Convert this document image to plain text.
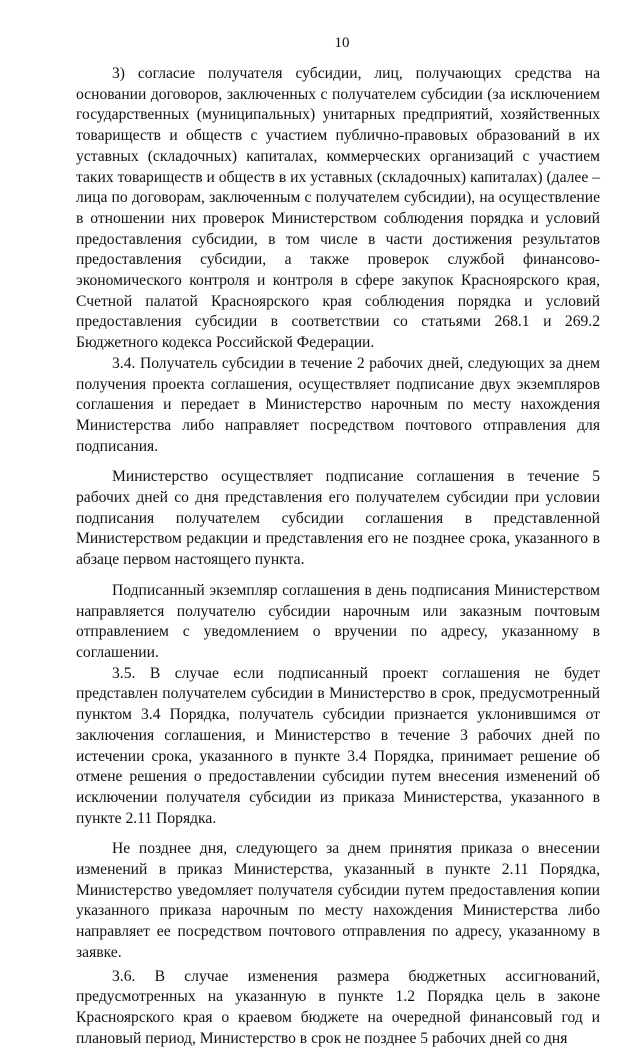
10

3) согласие получателя субсидии, лиц, получающих средства на основании договоров, заключенных с получателем субсидии (за исключением государственных (муниципальных) унитарных предприятий, хозяйственных товариществ и обществ с участием публично-правовых образований в их уставных (складочных) капиталах, коммерческих организаций с участием таких товариществ и обществ в их уставных (складочных) капиталах) (далее – лица по договорам, заключенным с получателем субсидии), на осуществление в отношении них проверок Министерством соблюдения порядка и условий предоставления субсидии, в том числе в части достижения результатов предоставления субсидии, а также проверок службой финансово-экономического контроля и контроля в сфере закупок Красноярского края, Счетной палатой Красноярского края соблюдения порядка и условий предоставления субсидии в соответствии со статьями 268.1 и 269.2 Бюджетного кодекса Российской Федерации.

3.4. Получатель субсидии в течение 2 рабочих дней, следующих за днем получения проекта соглашения, осуществляет подписание двух экземпляров соглашения и передает в Министерство нарочным по месту нахождения Министерства либо направляет посредством почтового отправления для подписания.

Министерство осуществляет подписание соглашения в течение 5 рабочих дней со дня представления его получателем субсидии при условии подписания получателем субсидии соглашения в представленной Министерством редакции и представления его не позднее срока, указанного в абзаце первом настоящего пункта.

Подписанный экземпляр соглашения в день подписания Министерством направляется получателю субсидии нарочным или заказным почтовым отправлением с уведомлением о вручении по адресу, указанному в соглашении.

3.5. В случае если подписанный проект соглашения не будет представлен получателем субсидии в Министерство в срок, предусмотренный пунктом 3.4 Порядка, получатель субсидии признается уклонившимся от заключения соглашения, и Министерство в течение 3 рабочих дней по истечении срока, указанного в пункте 3.4 Порядка, принимает решение об отмене решения о предоставлении субсидии путем внесения изменений об исключении получателя субсидии из приказа Министерства, указанного в пункте 2.11 Порядка.

Не позднее дня, следующего за днем принятия приказа о внесении изменений в приказ Министерства, указанный в пункте 2.11 Порядка, Министерство уведомляет получателя субсидии путем предоставления копии указанного приказа нарочным по месту нахождения Министерства либо направляет ее посредством почтового отправления по адресу, указанному в заявке.

3.6. В случае изменения размера бюджетных ассигнований, предусмотренных на указанную в пункте 1.2 Порядка цель в законе Красноярского края о краевом бюджете на очередной финансовый год и плановый период, Министерство в срок не позднее 5 рабочих дней со дня
